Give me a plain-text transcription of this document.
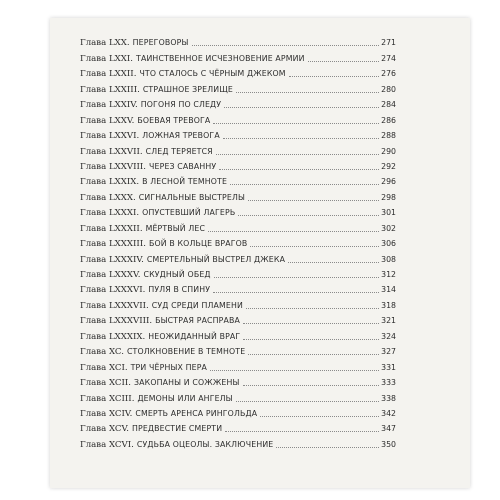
Глава LXX. ПЕРЕГОВОРЫ	271
Глава LXXI. ТАИНСТВЕННОЕ ИСЧЕЗНОВЕНИЕ АРМИИ	274
Глава LXXII. ЧТО СТАЛОСЬ С ЧЁРНЫМ ДЖЕКОМ	276
Глава LXXIII. СТРАШНОЕ ЗРЕЛИЩЕ	280
Глава LXXIV. ПОГОНЯ ПО СЛЕДУ	284
Глава LXXV. БОЕВАЯ ТРЕВОГА	286
Глава LXXVI. ЛОЖНАЯ ТРЕВОГА	288
Глава LXXVII. СЛЕД ТЕРЯЕТСЯ	290
Глава LXXVIII. ЧЕРЕЗ САВАННУ	292
Глава LXXIX. В ЛЕСНОЙ ТЕМНОТЕ	296
Глава LXXX. СИГНАЛЬНЫЕ ВЫСТРЕЛЫ	298
Глава LXXXI. ОПУСТЕВШИЙ ЛАГЕРЬ	301
Глава LXXXII. МЁРТВЫЙ ЛЕС	302
Глава LXXXIII. БОЙ В КОЛЬЦЕ ВРАГОВ	306
Глава LXXXIV. СМЕРТЕЛЬНЫЙ ВЫСТРЕЛ ДЖЕКА	308
Глава LXXXV. СКУДНЫЙ ОБЕД	312
Глава LXXXVI. ПУЛЯ В СПИНУ	314
Глава LXXXVII. СУД СРЕДИ ПЛАМЕНИ	318
Глава LXXXVIII. БЫСТРАЯ РАСПРАВА	321
Глава LXXXIX. НЕОЖИДАННЫЙ ВРАГ	324
Глава XC. СТОЛКНОВЕНИЕ В ТЕМНОТЕ	327
Глава XCI. ТРИ ЧЁРНЫХ ПЕРА	331
Глава XCII. ЗАКОПАНЫ И СОЖЖЕНЫ	333
Глава XCIII. ДЕМОНЫ ИЛИ АНГЕЛЫ	338
Глава XCIV. СМЕРТЬ АРЕНСА РИНГОЛЬДА	342
Глава XCV. ПРЕДВЕСТИЕ СМЕРТИ	347
Глава XCVI. СУДЬБА ОЦЕОЛЫ. ЗАКЛЮЧЕНИЕ	350
